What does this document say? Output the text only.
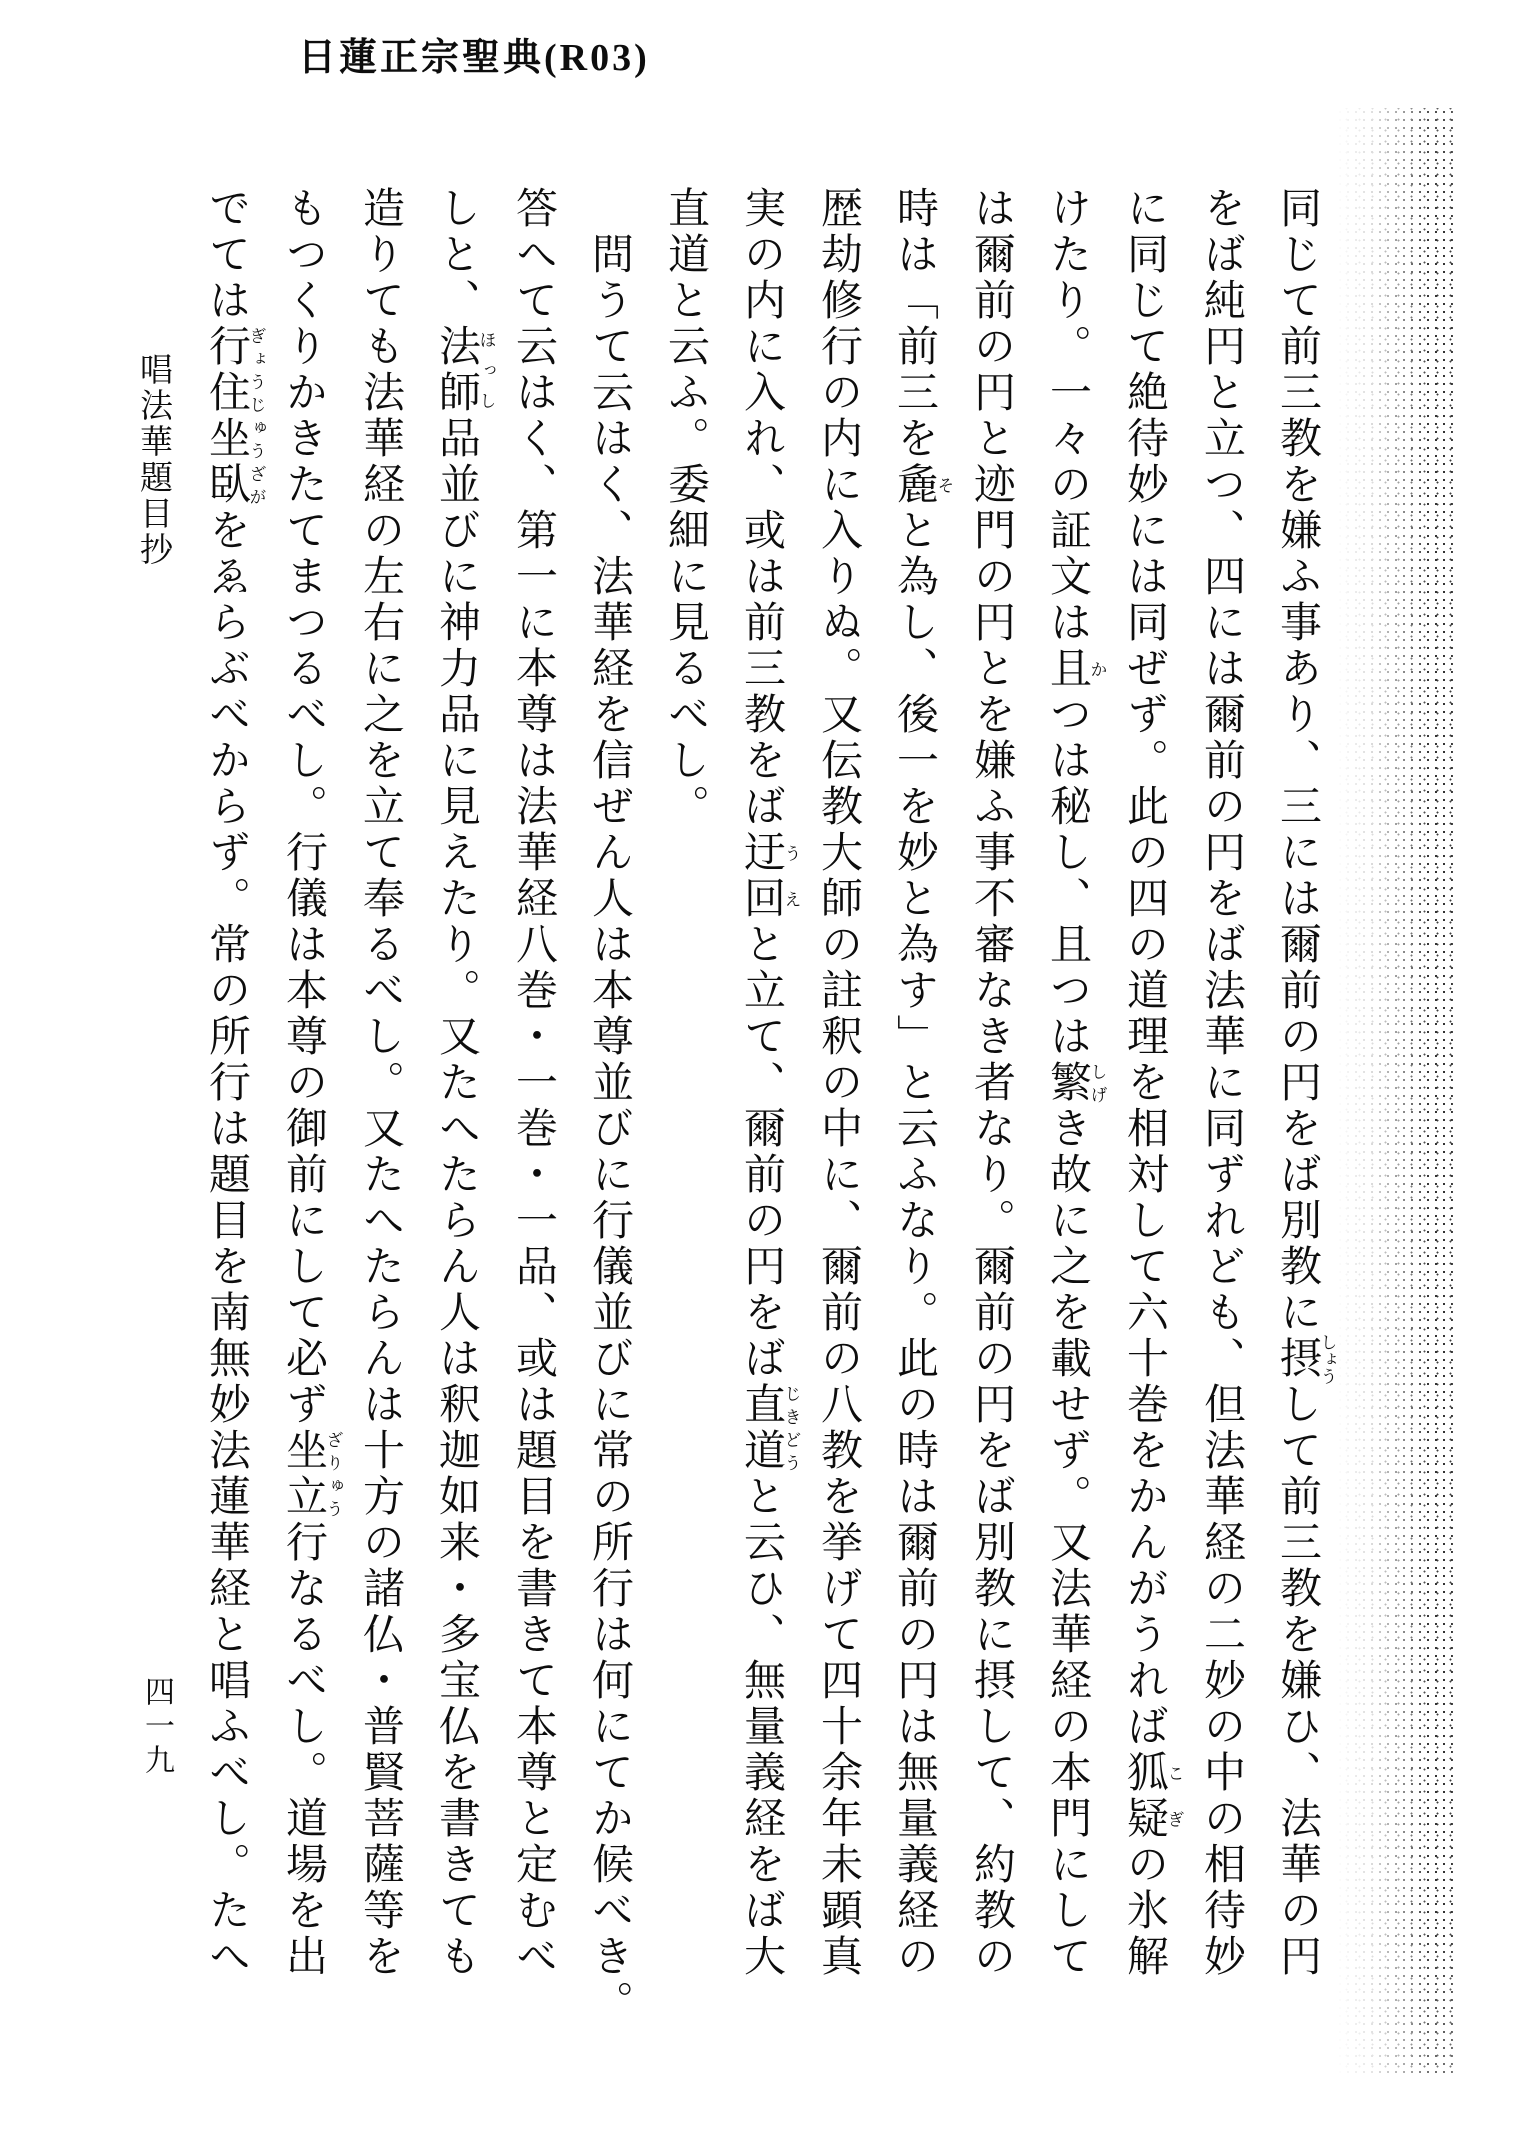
日蓮正宗聖典(R03)

同じて前三教を嫌ふ事あり、三には爾前の円をば別教に摂しょうして前三教を嫌ひ、法華の円

をば純円と立つ、四には爾前の円をば法華に同ずれども、但法華経の二妙の中の相待妙

に同じて絶待妙には同ぜず。此の四の道理を相対して六十巻をかんがうれば狐疑こぎの氷解

けたり。一々の証文は且かつは秘し、且つは繁しげき故に之を載せず。又法華経の本門にして

は爾前の円と迹門の円とを嫌ふ事不審なき者なり。爾前の円をば別教に摂して、約教の

時は「前三を麁そと為し、後一を妙と為す」と云ふなり。此の時は爾前の円は無量義経の

歴劫修行の内に入りぬ。又伝教大師の註釈の中に、爾前の八教を挙げて四十余年未顕真

実の内に入れ、或は前三教をば迂回うえと立て、爾前の円をば直道じきどうと云ひ、無量義経をば大

直道と云ふ。委細に見るべし。

問うて云はく、法華経を信ぜん人は本尊並びに行儀並びに常の所行は何にてか候べき。

答へて云はく、第一に本尊は法華経八巻・一巻・一品、或は題目を書きて本尊と定むべ

しと、法師ほっし品並びに神力品に見えたり。又たへたらん人は釈迦如来・多宝仏を書きても

造りても法華経の左右に之を立て奉るべし。又たへたらんは十方の諸仏・普賢菩薩等を

もつくりかきたてまつるべし。行儀は本尊の御前にして必ず坐立ざりゅう行なるべし。道場を出

でては行住坐臥ぎょうじゅうざがをゑらぶべからず。常の所行は題目を南無妙法蓮華経と唱ふべし。たへ

唱法華題目抄
四一九
